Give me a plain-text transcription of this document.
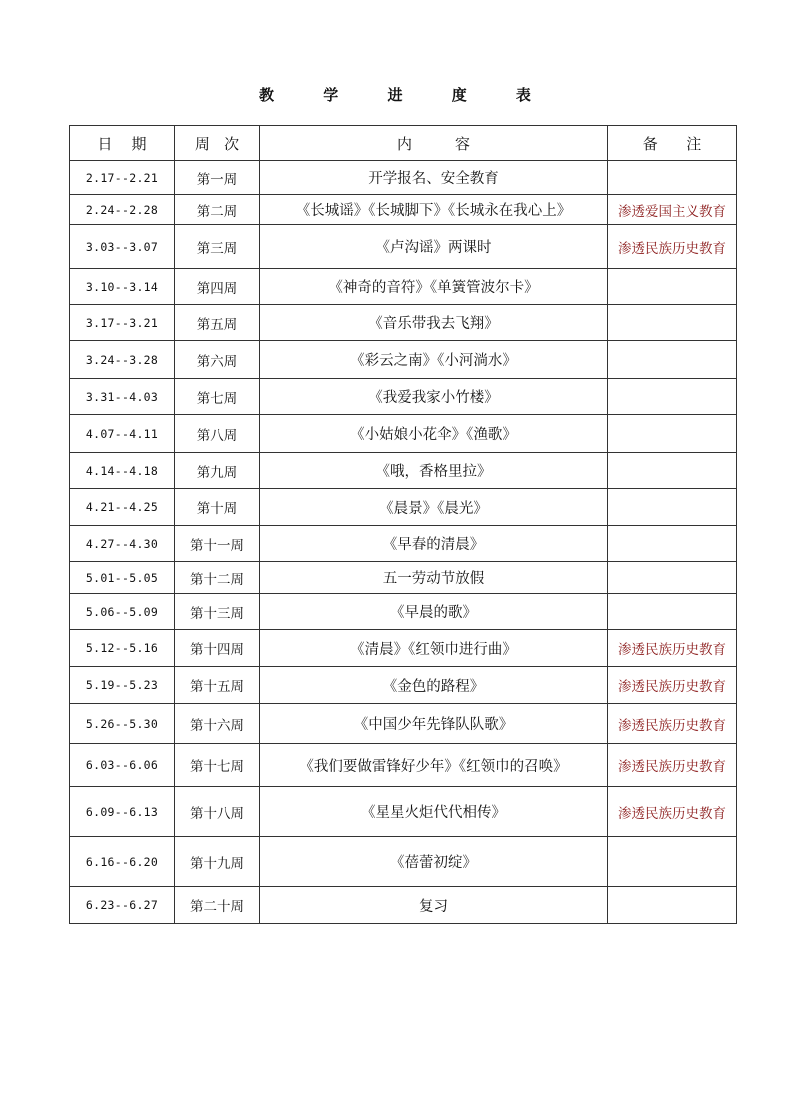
教 学 进 度 表
日    期	周   次	内         容	备      注
2.17--2.21	第一周	开学报名、安全教育	
2.24--2.28	第二周	《长城谣》《长城脚下》《长城永在我心上》	渗透爱国主义教育
3.03--3.07	第三周	《卢沟谣》两课时	渗透民族历史教育
3.10--3.14	第四周	《神奇的音符》《单簧管波尔卡》	
3.17--3.21	第五周	《音乐带我去飞翔》	
3.24--3.28	第六周	《彩云之南》《小河淌水》	
3.31--4.03	第七周	《我爱我家小竹楼》	
4.07--4.11	第八周	《小姑娘小花伞》《渔歌》	
4.14--4.18	第九周	《哦，香格里拉》	
4.21--4.25	第十周	《晨景》《晨光》	
4.27--4.30	第十一周	《早春的清晨》	
5.01--5.05	第十二周	五一劳动节放假	
5.06--5.09	第十三周	《早晨的歌》	
5.12--5.16	第十四周	《清晨》《红领巾进行曲》	渗透民族历史教育
5.19--5.23	第十五周	《金色的路程》	渗透民族历史教育
5.26--5.30	第十六周	《中国少年先锋队队歌》	渗透民族历史教育
6.03--6.06	第十七周	《我们要做雷锋好少年》《红领巾的召唤》	渗透民族历史教育
6.09--6.13	第十八周	《星星火炬代代相传》	渗透民族历史教育
6.16--6.20	第十九周	《蓓蕾初绽》	
6.23--6.27	第二十周	复习	
